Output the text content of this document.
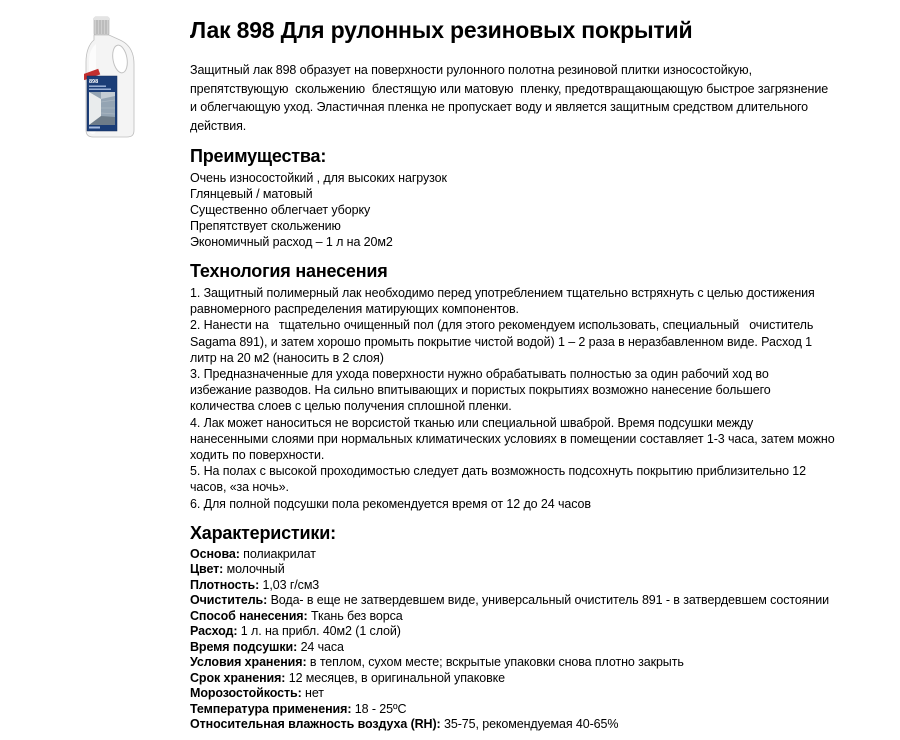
898
Лак 898 Для рулонных резиновых покрытий
Защитный лак 898 образует на поверхности рулонного полотна резиновой плитки износостойкую,
препятствующую  скольжению  блестящую или матовую  пленку, предотвращающающую быстрое загрязнение
и облегчающую уход. Эластичная пленка не пропускает воду и является защитным средством длительного
действия.
Преимущества:
Очень износостойкий , для высоких нагрузок
Глянцевый / матовый
Существенно облегчает уборку
Препятствует скольжению
Экономичный расход – 1 л на 20м2
Технология нанесения
1. Защитный полимерный лак необходимо перед употреблением тщательно встряхнуть с целью достижения
равномерного распределения матирующих компонентов.
2. Нанести на   тщательно очищенный пол (для этого рекомендуем использовать, специальный   очиститель
Sagama 891), и затем хорошо промыть покрытие чистой водой) 1 – 2 раза в неразбавленном виде. Расход 1
литр на 20 м2 (наносить в 2 слоя)
3. Предназначенные для ухода поверхности нужно обрабатывать полностью за один рабочий ход во
избежание разводов. На сильно впитывающих и пористых покрытиях возможно нанесение большего
количества слоев с целью получения сплошной пленки.
4. Лак может наноситься не ворсистой тканью или специальной шваброй. Время подсушки между
нанесенными слоями при нормальных климатических условиях в помещении составляет 1-3 часа, затем можно
ходить по поверхности.
5. На полах с высокой проходимостью следует дать возможность подсохнуть покрытию приблизительно 12
часов, «за ночь».
6. Для полной подсушки пола рекомендуется время от 12 до 24 часов
Характеристики:
Основа: полиакрилат
Цвет: молочный
Плотность: 1,03 г/см3
Очиститель: Вода- в еще не затвердевшем виде, универсальный очиститель 891 - в затвердевшем состоянии
Способ нанесения: Ткань без ворса
Расход: 1 л. на прибл. 40м2 (1 слой)
Время подсушки: 24 часа
Условия хранения: в теплом, сухом месте; вскрытые упаковки снова плотно закрыть
Срок хранения: 12 месяцев, в оригинальной упаковке
Морозостойкость: нет
Температура применения: 18 - 25ºС
Относительная влажность воздуха (RH): 35-75, рекомендуемая 40-65%
